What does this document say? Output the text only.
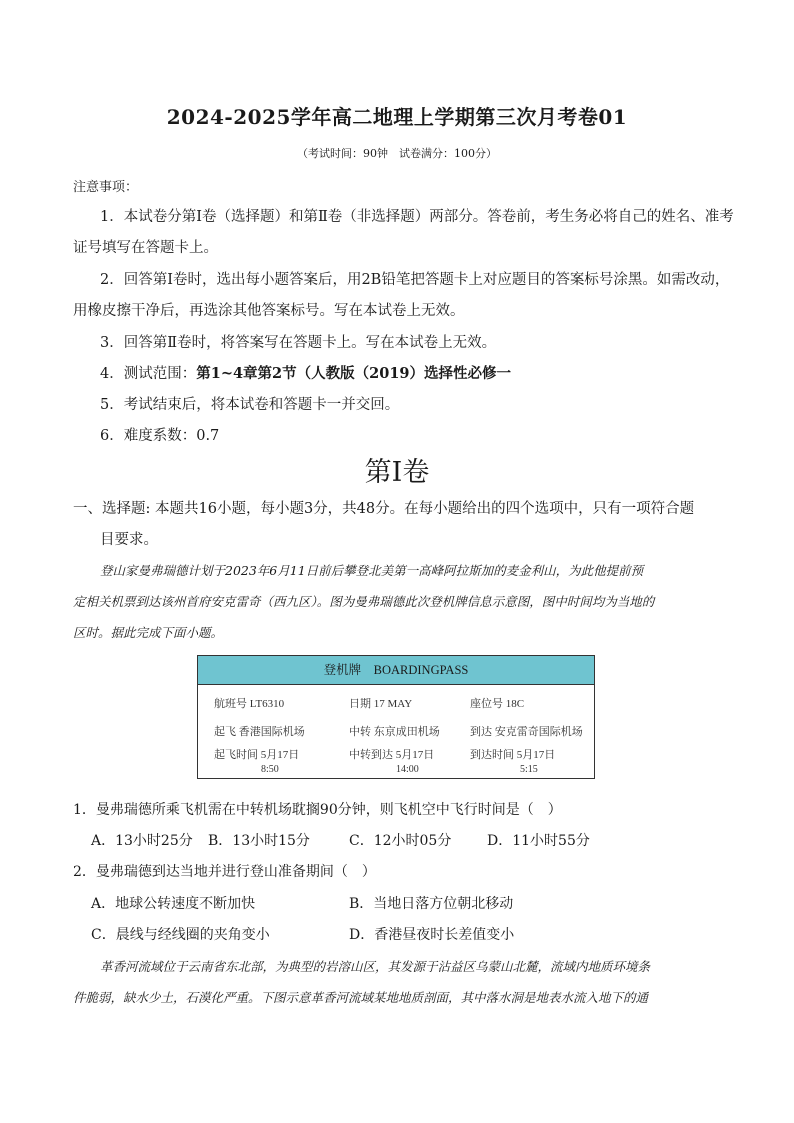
2024-2025学年高二地理上学期第三次月考卷01
（考试时间：90钟　试卷满分：100分）
注意事项：
1．本试卷分第Ⅰ卷（选择题）和第Ⅱ卷（非选择题）两部分。答卷前，考生务必将自己的姓名、准考
证号填写在答题卡上。
2．回答第Ⅰ卷时，选出每小题答案后，用2B铅笔把答题卡上对应题目的答案标号涂黑。如需改动，
用橡皮擦干净后，再选涂其他答案标号。写在本试卷上无效。
3．回答第Ⅱ卷时，将答案写在答题卡上。写在本试卷上无效。
4．测试范围：第1~4章第2节（人教版（2019）选择性必修一
5．考试结束后，将本试卷和答题卡一并交回。
6．难度系数：0.7
第Ⅰ卷
一、选择题: 本题共16小题，每小题3分，共48分。在每小题给出的四个选项中，只有一项符合题
目要求。
登山家曼弗瑞德计划于2023年6月11日前后攀登北美第一高峰阿拉斯加的麦金利山，为此他提前预
定相关机票到达该州首府安克雷奇（西九区）。图为曼弗瑞德此次登机牌信息示意图，图中时间均为当地的
区时。据此完成下面小题。
登机牌　BOARDINGPASS
航班号 LT6310	日期 17 MAY	座位号 18C
起飞 香港国际机场	中转 东京成田机场	到达 安克雷奇国际机场
起飞时间 5月17日	中转到达 5月17日	到达时间 5月17日
8:50	14:00	5:15
1．曼弗瑞德所乘飞机需在中转机场耽搁90分钟，则飞机空中飞行时间是（　）
A．13小时25分 B．13小时15分	C．12小时05分	D．11小时55分
2．曼弗瑞德到达当地并进行登山准备期间（　）
A．地球公转速度不断加快	B．当地日落方位朝北移动
C．晨线与经线圈的夹角变小	D．香港昼夜时长差值变小
革香河流域位于云南省东北部，为典型的岩溶山区，其发源于沾益区乌蒙山北麓，流域内地质环境条
件脆弱，缺水少土，石漠化严重。下图示意革香河流域某地地质剖面，其中落水洞是地表水流入地下的通
